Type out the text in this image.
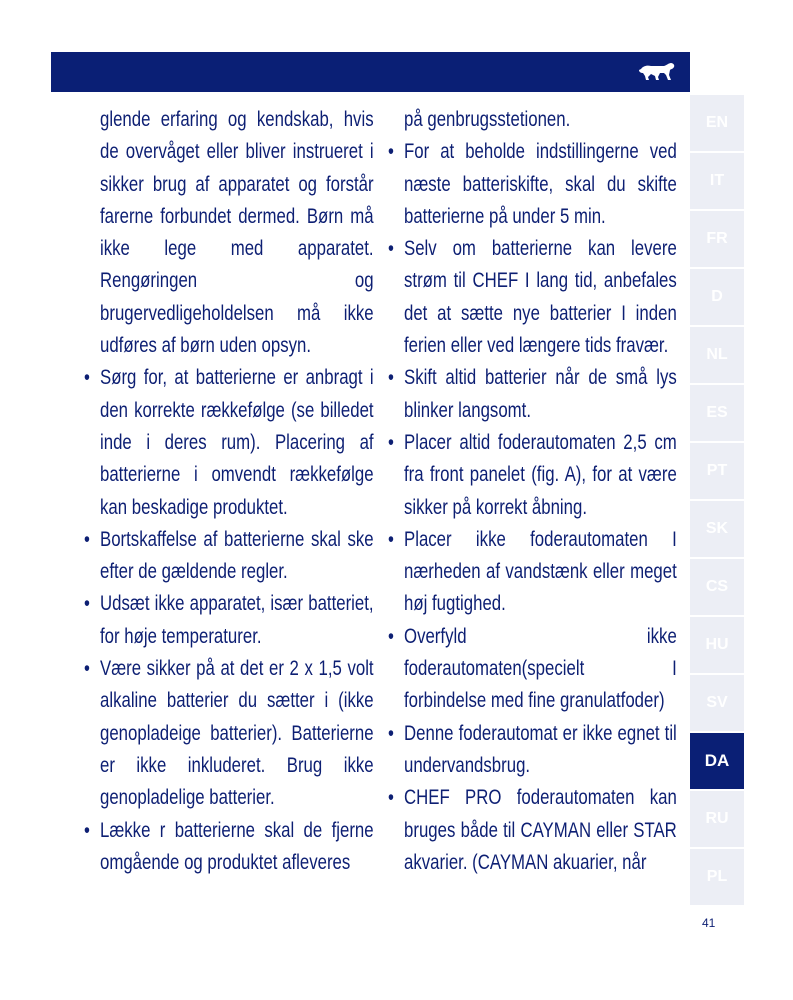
glende erfaring og kendskab, hvis de overvåget eller bliver instrueret i sikker brug af apparatet og forstår farerne forbundet dermed. Børn må ikke lege med apparatet. Rengøringen og brugervedligeholdelsen må ikke udføres af børn uden opsyn.
• Sørg for, at batterierne er anbragt i den korrekte rækkefølge (se billedet inde i deres rum). Placering af batterierne i omvendt rækkefølge kan beskadige produktet.
• Bortskaffelse af batterierne skal ske efter de gældende regler.
• Udsæt ikke apparatet, især batteriet, for høje temperaturer.
• Være sikker på at det er 2 x 1,5 volt alkaline batterier du sætter i (ikke genopladeige batterier). Batterierne er ikke inkluderet. Brug ikke genopladelige batterier.
• Lække r batterierne skal de fjerne omgående og produktet afleveres
på genbrugsstetionen.
• For at beholde indstillingerne ved næste batteriskifte, skal du skifte batterierne på under 5 min.
• Selv om batterierne kan levere strøm til CHEF I lang tid, anbefales det at sætte nye batterier I inden ferien eller ved længere tids fravær.
• Skift altid batterier når de små lys blinker langsomt.
• Placer altid foderautomaten 2,5 cm fra front panelet (fig. A), for at være sikker på korrekt åbning.
• Placer ikke foderautomaten I nærheden af vandstænk eller meget høj fugtighed.
• Overfyld ikke foderautomaten(specielt I forbindelse med fine granulatfoder)
• Denne foderautomat er ikke egnet til undervandsbrug.
• CHEF PRO foderautomaten kan bruges både til CAYMAN eller STAR akvarier. (CAYMAN akuarier, når
EN
IT
FR
D
NL
ES
PT
SK
CS
HU
SV
DA
RU
PL
41
